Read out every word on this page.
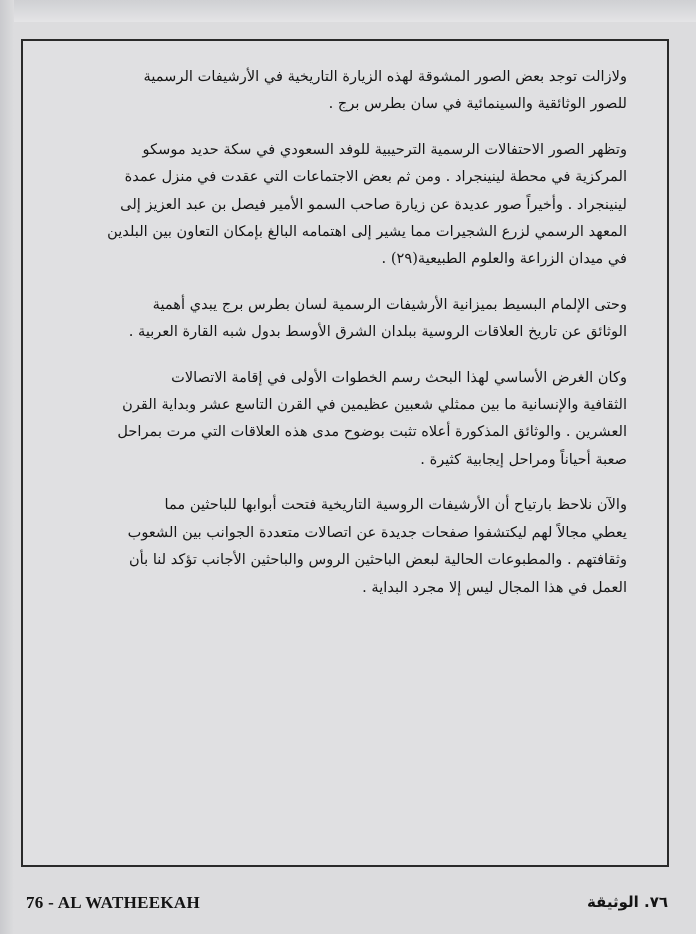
ولازالت توجد بعض الصور المشوقة لهذه الزيارة التاريخية في الأرشيفات الرسمية
للصور الوثائقية والسينمائية في سان بطرس برج .

وتظهر الصور الاحتفالات الرسمية الترحيبية للوفد السعودي في سكة حديد موسكو
المركزية في محطة لينينجراد . ومن ثم بعض الاجتماعات التي عقدت في منزل عمدة
لينينجراد . وأخيراً صور عديدة عن زيارة صاحب السمو الأمير فيصل بن عبد العزيز إلى
المعهد الرسمي لزرع الشجيرات مما يشير إلى اهتمامه البالغ بإمكان التعاون بين البلدين
في ميدان الزراعة والعلوم الطبيعية(٢٩) .

وحتى الإلمام البسيط بميزانية الأرشيفات الرسمية لسان بطرس برج يبدي أهمية
الوثائق عن تاريخ العلاقات الروسية ببلدان الشرق الأوسط بدول شبه القارة العربية .

وكان الغرض الأساسي لهذا البحث رسم الخطوات الأولى في إقامة الاتصالات
الثقافية والإنسانية ما بين ممثلي شعبين عظيمين في القرن التاسع عشر وبداية القرن
العشرين . والوثائق المذكورة أعلاه تثبت بوضوح مدى هذه العلاقات التي مرت بمراحل
صعبة أحياناً ومراحل إيجابية كثيرة .

والآن نلاحظ بارتياح أن الأرشيفات الروسية التاريخية فتحت أبوابها للباحثين مما
يعطي مجالاً لهم ليكتشفوا صفحات جديدة عن اتصالات متعددة الجوانب بين الشعوب
وثقافتهم . والمطبوعات الحالية لبعض الباحثين الروس والباحثين الأجانب تؤكد لنا بأن
العمل في هذا المجال ليس إلا مجرد البداية .

76 - AL WATHEEKAH	٧٦. الوثيقة
